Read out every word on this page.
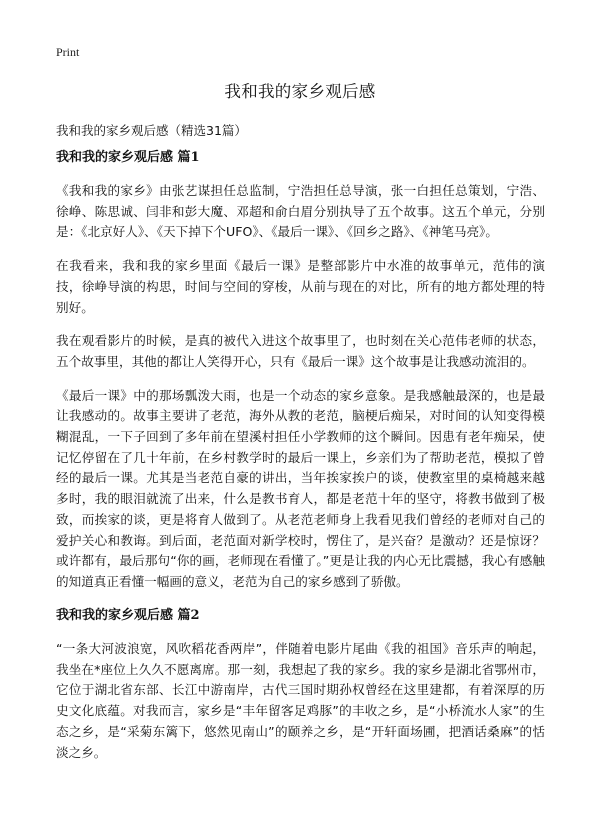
Print
我和我的家乡观后感
我和我的家乡观后感（精选31篇）
我和我的家乡观后感 篇1

《我和我的家乡》由张艺谋担任总监制，宁浩担任总导演，张一白担任总策划，宁浩、徐峥、陈思诚、闫非和彭大魔、邓超和俞白眉分别执导了五个故事。这五个单元，分别是：《北京好人》、《天下掉下个UFO》、《最后一课》、《回乡之路》、《神笔马亮》。

在我看来，我和我的家乡里面《最后一课》是整部影片中水准的故事单元，范伟的演技，徐峥导演的构思，时间与空间的穿梭，从前与现在的对比，所有的地方都处理的特别好。

我在观看影片的时候，是真的被代入进这个故事里了，也时刻在关心范伟老师的状态，五个故事里，其他的都让人笑得开心，只有《最后一课》这个故事是让我感动流泪的。

《最后一课》中的那场瓢泼大雨，也是一个动态的家乡意象。是我感触最深的，也是最让我感动的。故事主要讲了老范，海外从教的老范，脑梗后痴呆，对时间的认知变得模糊混乱，一下子回到了多年前在望溪村担任小学教师的这个瞬间。因患有老年痴呆，使记忆停留在了几十年前，在乡村教学时的最后一课上，乡亲们为了帮助老范，模拟了曾经的最后一课。尤其是当老范自豪的讲出，当年挨家挨户的谈，使教室里的桌椅越来越多时，我的眼泪就流了出来，什么是教书育人，都是老范十年的坚守，将教书做到了极致，而挨家的谈，更是将育人做到了。从老范老师身上我看见我们曾经的老师对自己的爱护关心和教诲。到后面，老范面对新学校时，愣住了，是兴奋？是激动？还是惊讶？或许都有，最后那句“你的画，老师现在看懂了。”更是让我的内心无比震撼，我心有感触的知道真正看懂一幅画的意义，老范为自己的家乡感到了骄傲。

我和我的家乡观后感 篇2

“一条大河波浪宽，风吹稻花香两岸”，伴随着电影片尾曲《我的祖国》音乐声的响起，我坐在*座位上久久不愿离席。那一刻，我想起了我的家乡。我的家乡是湖北省鄂州市，它位于湖北省东部、长江中游南岸，古代三国时期孙权曾经在这里建都，有着深厚的历史文化底蕴。对我而言，家乡是“丰年留客足鸡豚”的丰收之乡，是“小桥流水人家”的生态之乡，是“采菊东篱下，悠然见南山”的颐养之乡，是“开轩面场圃，把酒话桑麻”的恬淡之乡。
